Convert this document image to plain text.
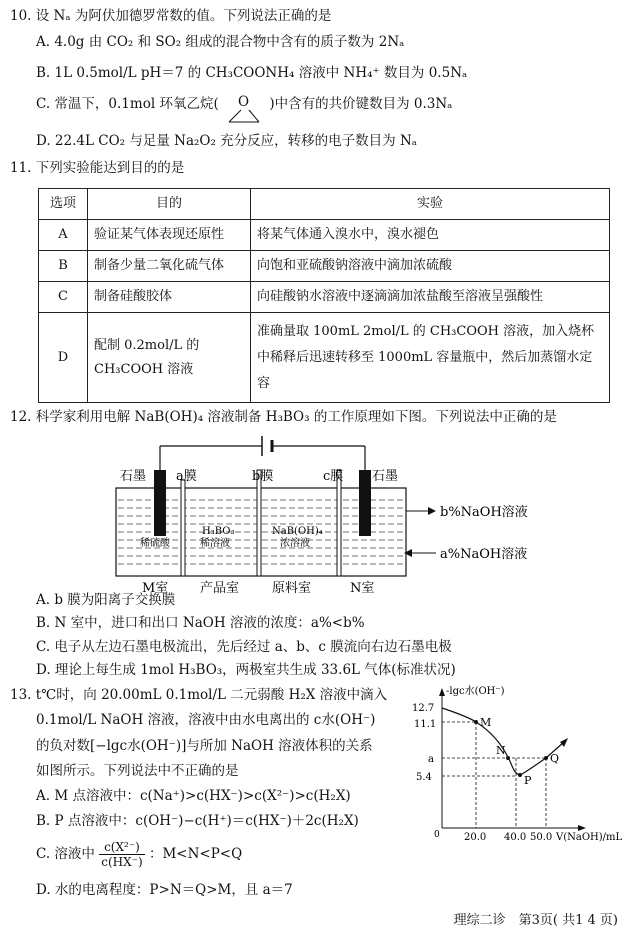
10. 设 Nₐ 为阿伏加德罗常数的值。下列说法正确的是
A. 4.0g 由 CO₂ 和 SO₂ 组成的混合物中含有的质子数为 2Nₐ
B. 1L 0.5mol/L pH＝7 的 CH₃COONH₄ 溶液中 NH₄⁺ 数目为 0.5Nₐ
C. 常温下，0.1mol 环氧乙烷( O )中含有的共价键数目为 0.3Nₐ
D. 22.4L CO₂ 与足量 Na₂O₂ 充分反应，转移的电子数目为 Nₐ
11. 下列实验能达到目的的是
选项	目的	实验
A	验证某气体表现还原性	将某气体通入溴水中，溴水褪色
B	制备少量二氧化硫气体	向饱和亚硫酸钠溶液中滴加浓硫酸
C	制备硅酸胶体	向硅酸钠水溶液中逐滴滴加浓盐酸至溶液呈强酸性
D	配制 0.2mol/L 的 CH₃COOH 溶液	准确量取 100mL 2mol/L 的 CH₃COOH 溶液，加入烧杯中稀释后迅速转移至 1000mL 容量瓶中，然后加蒸馏水定容
12. 科学家利用电解 NaB(OH)₄ 溶液制备 H₃BO₃ 的工作原理如下图。下列说法中正确的是
石墨 a膜	b膜	c膜 石墨
稀硫酸
H₃BO₃
稀溶液
NaB(OH)₄
浓溶液
b%NaOH溶液
a%NaOH溶液
M室 产品室	原料室	N室
A. b 膜为阳离子交换膜
B. N 室中，进口和出口 NaOH 溶液的浓度：a%<b%
C. 电子从左边石墨电极流出，先后经过 a、b、c 膜流向右边石墨电极
D. 理论上每生成 1mol H₃BO₃，两极室共生成 33.6L 气体(标准状况)
13. t℃时，向 20.00mL 0.1mol/L 二元弱酸 H₂X 溶液中滴入
0.1mol/L NaOH 溶液，溶液中由水电离出的 c水(OH⁻)
的负对数[−lgc水(OH⁻)]与所加 NaOH 溶液体积的关系
如图所示。下列说法中不正确的是
A. M 点溶液中：c(Na⁺)>c(HX⁻)>c(X²⁻)>c(H₂X)
B. P 点溶液中：c(OH⁻)−c(H⁺)＝c(HX⁻)＋2c(H₂X)
C. 溶液中 $\frac{\text{c(X²⁻)}}{c(HX^-)}$ ：M<N<P<Q
D. 水的电离程度：P>N＝Q>M，且 a＝7
-lgc水(OH⁻)
V(NaOH)/mL
0
12.7
11.1
a
5.4
20.0 40.0 50.0
M
N
P
Q
理综二诊　第3页( 共1 4 页)
